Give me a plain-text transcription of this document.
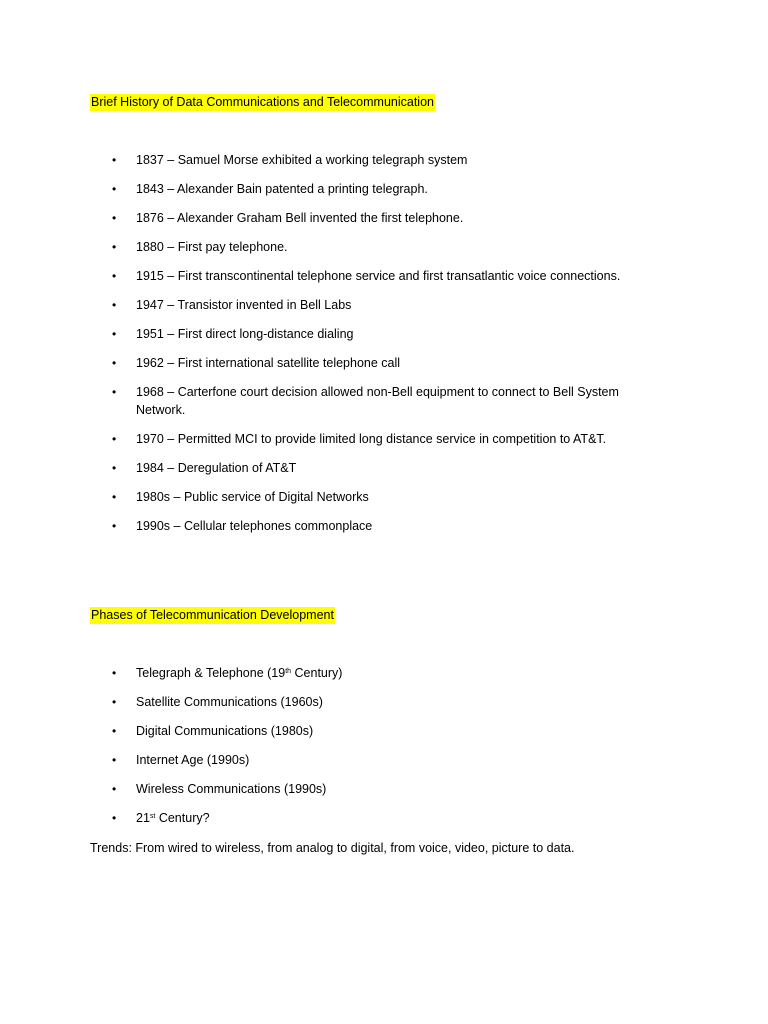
Brief History of Data Communications and Telecommunication
• 1837 – Samuel Morse exhibited a working telegraph system
• 1843 – Alexander Bain patented a printing telegraph.
• 1876 – Alexander Graham Bell invented the first telephone.
• 1880 – First pay telephone.
• 1915 – First transcontinental telephone service and first transatlantic voice connections.
• 1947 – Transistor invented in Bell Labs
• 1951 – First direct long-distance dialing
• 1962 – First international satellite telephone call
• 1968 – Carterfone court decision allowed non-Bell equipment to connect to Bell System Network.
• 1970 – Permitted MCI to provide limited long distance service in competition to AT&T.
• 1984 – Deregulation of AT&T
• 1980s – Public service of Digital Networks
• 1990s – Cellular telephones commonplace
Phases of Telecommunication Development
• Telegraph & Telephone (19th Century)
• Satellite Communications (1960s)
• Digital Communications (1980s)
• Internet Age (1990s)
• Wireless Communications (1990s)
• 21st Century?

Trends: From wired to wireless, from analog to digital, from voice, video, picture to data.
